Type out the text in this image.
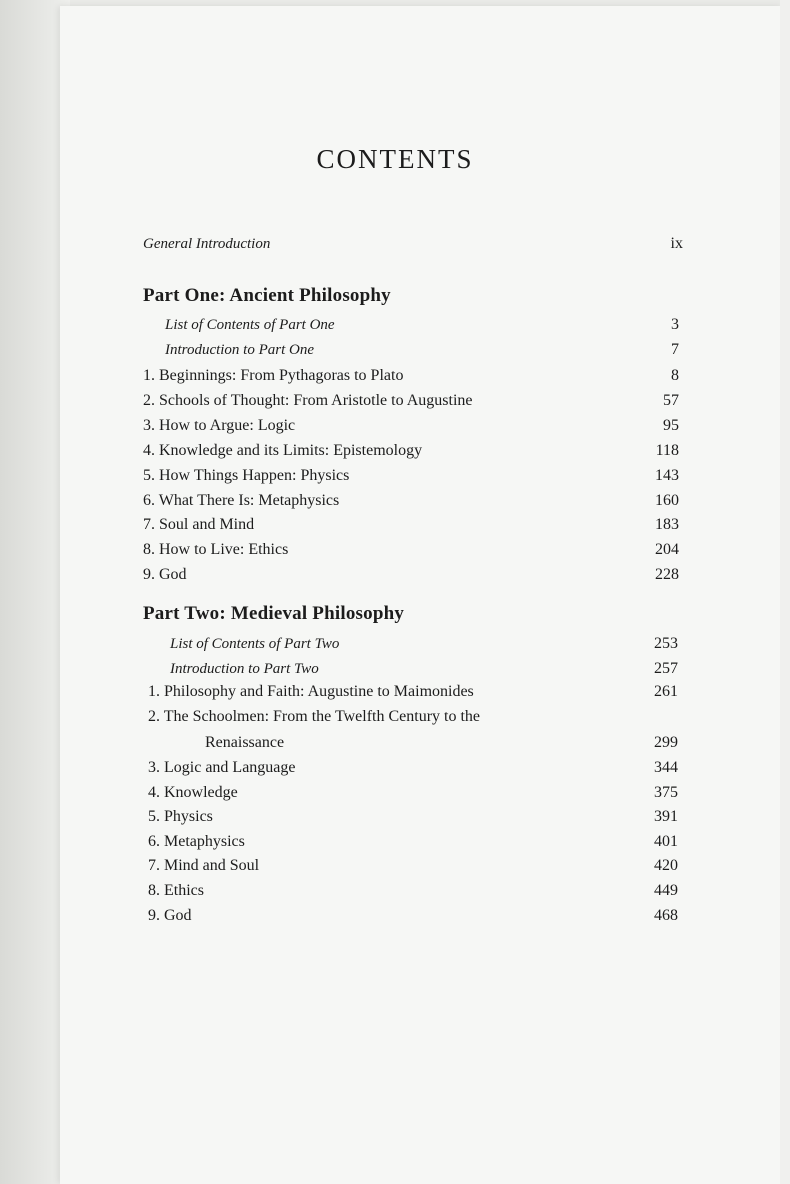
CONTENTS
General Introduction	ix
Part One: Ancient Philosophy
List of Contents of Part One	3
Introduction to Part One	7
1. Beginnings: From Pythagoras to Plato	8
2. Schools of Thought: From Aristotle to Augustine	57
3. How to Argue: Logic	95
4. Knowledge and its Limits: Epistemology	118
5. How Things Happen: Physics	143
6. What There Is: Metaphysics	160
7. Soul and Mind	183
8. How to Live: Ethics	204
9. God	228
Part Two: Medieval Philosophy
List of Contents of Part Two	253
Introduction to Part Two	257
1. Philosophy and Faith: Augustine to Maimonides	261
2. The Schoolmen: From the Twelfth Century to the
Renaissance	299
3. Logic and Language	344
4. Knowledge	375
5. Physics	391
6. Metaphysics	401
7. Mind and Soul	420
8. Ethics	449
9. God	468
